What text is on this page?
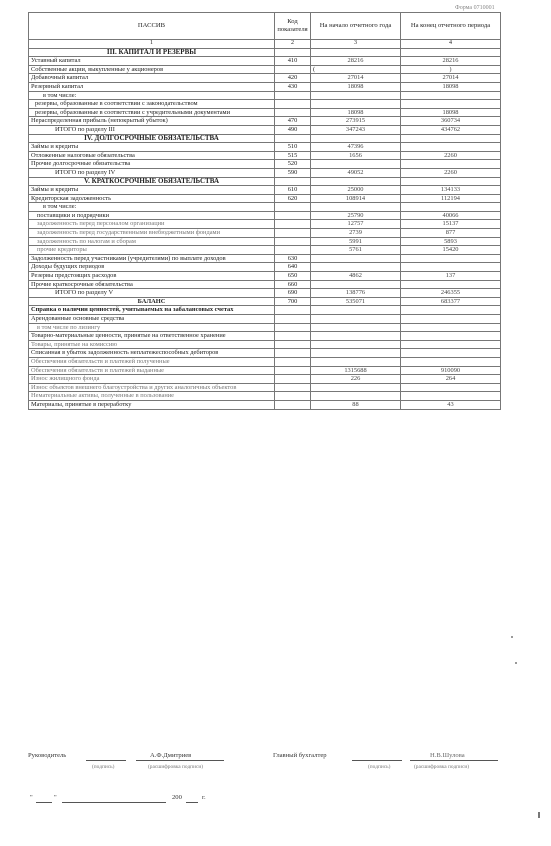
Форма 0710001
ПАССИВ	Код показателя	На начало отчетного года	На конец отчетного периода
1	2	3	4
III. КАПИТАЛ И РЕЗЕРВЫ			
Уставный капитал	410	28216	28216
Собственные акции, выкупленные у акционеров		(	)
Добавочный капитал	420	27014	27014
Резервный капитал	430	18098	18098
в том числе:			
резервы, образованные в соответствии с законодательством			
резервы, образованные в соответствии с учредительными документами		18098	18098
Нераспределенная прибыль (непокрытый убыток)	470	273915	360734
ИТОГО по разделу III	490	347243	434762
IV. ДОЛГОСРОЧНЫЕ ОБЯЗАТЕЛЬСТВА			
Займы и кредиты	510	47396	
Отложенные налоговые обязательства	515	1656	2260
Прочие долгосрочные обязательства	520		
ИТОГО по разделу IV	590	49052	2260
V. КРАТКОСРОЧНЫЕ ОБЯЗАТЕЛЬСТВА			
Займы и кредиты	610	25000	134133
Кредиторская задолженность	620	108914	112194
в том числе:			
поставщики и подрядчики		25790	40066
задолженность перед персоналом организации		12757	15137
задолженность перед государственными внебюджетными фондами		2739	877
задолженность по налогам и сборам		5991	5893
прочие кредиторы		5761	15420
Задолженность перед участниками (учредителями) по выплате доходов	630		
Доходы будущих периодов	640		
Резервы предстоящих расходов	650	4862	137
Прочие краткосрочные обязательства	660		
ИТОГО по разделу V	690	138776	246355
БАЛАНС	700	535071	683377
Справка о наличии ценностей, учитываемых на забалансовых счетах			
Арендованные основные средства			
в том числе по лизингу			
Товарно-материальные ценности, принятые на ответственное хранение			
Товары, принятые на комиссию			
Списанная в убыток задолженность неплатежеспособных дебиторов			
Обеспечения обязательств и платежей полученные			
Обеспечения обязательств и платежей выданные		1315688	910090
Износ жилищного фонда		226	264
Износ объектов внешнего благоустройства и других аналогичных объектов			
Нематериальные активы, полученные в пользование			
Материалы, принятые в переработку		88	43
Руководитель	А.Ф.Дмитриев
(подпись)	(расшифровка подписи)
Главный бухгалтер	Н.В.Шулова
(подпись)	(расшифровка подписи)
"	"	200	г.
